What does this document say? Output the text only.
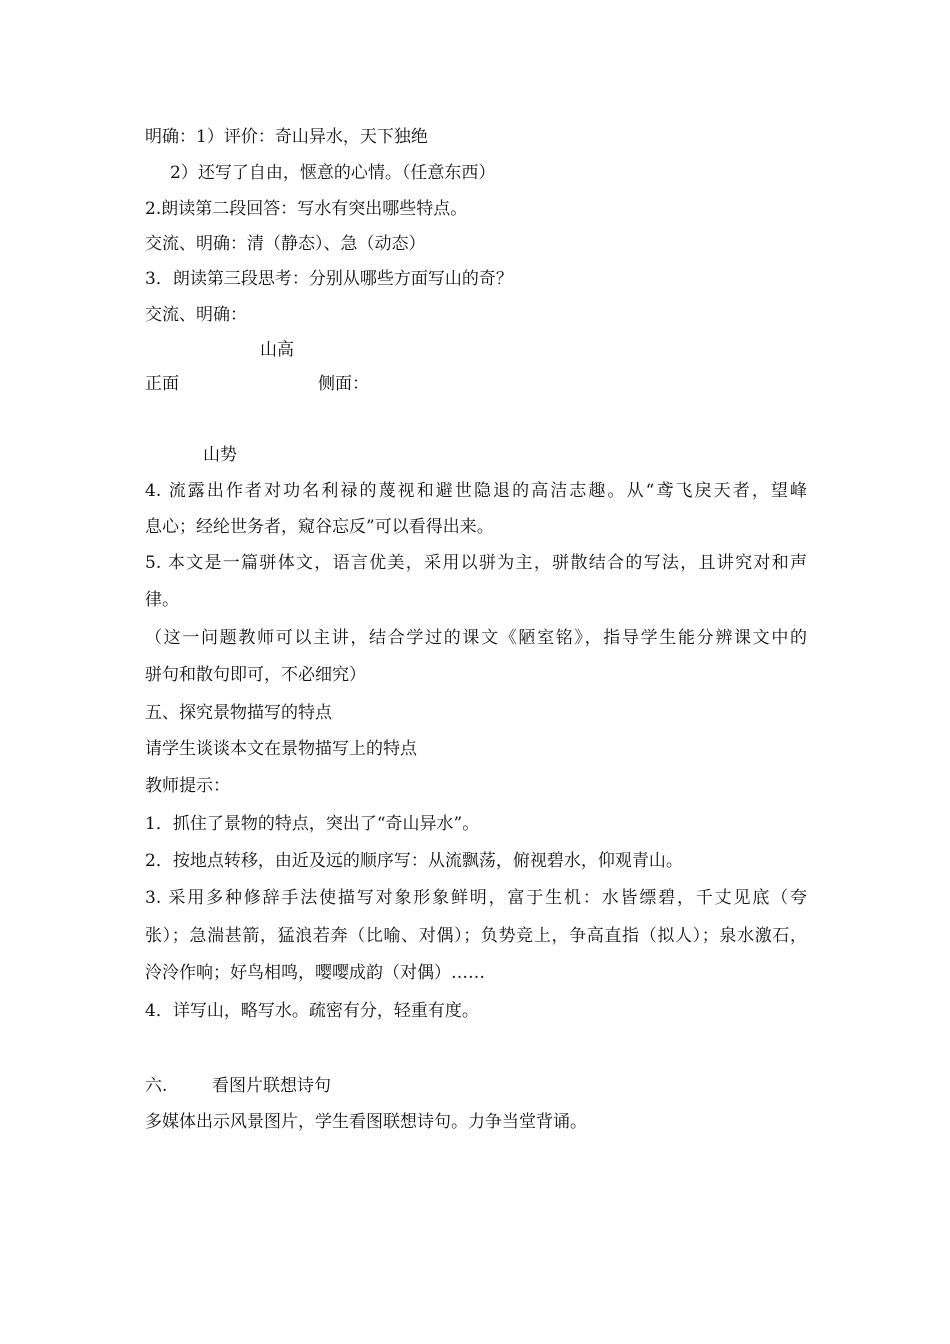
明确：1）评价：奇山异水，天下独绝
2）还写了自由，惬意的心情。（任意东西）
2.朗读第二段回答：写水有突出哪些特点。
交流、明确：清（静态）、急（动态）
3．朗读第三段思考：分别从哪些方面写山的奇？
交流、明确：
山高
正面	侧面：
山势
4. 流露出作者对功名利禄的蔑视和避世隐退的高洁志趣。从“鸢飞戾天者，望峰
息心；经纶世务者，窥谷忘反”可以看得出来。
5. 本文是一篇骈体文，语言优美，采用以骈为主，骈散结合的写法，且讲究对和声
律。
（这一问题教师可以主讲，结合学过的课文《陋室铭》，指导学生能分辨课文中的
骈句和散句即可，不必细究）
五、探究景物描写的特点
请学生谈谈本文在景物描写上的特点
教师提示：
1．抓住了景物的特点，突出了“奇山异水”。
2．按地点转移，由近及远的顺序写：从流飘荡，俯视碧水，仰观青山。
3. 采用多种修辞手法使描写对象形象鲜明，富于生机：水皆缥碧，千丈见底（夸
张）；急湍甚箭，猛浪若奔（比喻、对偶）；负势竞上，争高直指（拟人）；泉水激石，
泠泠作响；好鸟相鸣，嘤嘤成韵（对偶）……
4．详写山，略写水。疏密有分，轻重有度。
六.	看图片联想诗句
多媒体出示风景图片，学生看图联想诗句。力争当堂背诵。
